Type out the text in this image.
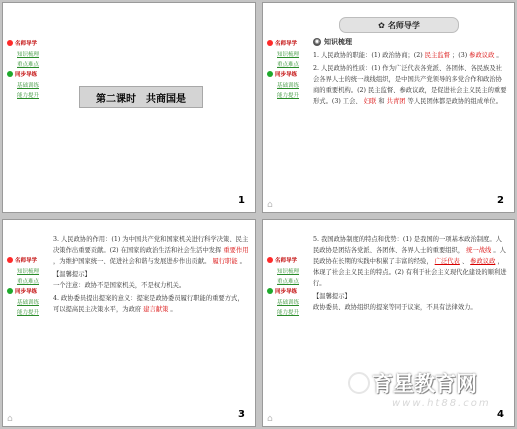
名师导学
知识梳理
重点难点
同步导练
基础训练
能力提升	第二课时　共商国是
1
✿ 名师导学
名师导学
知识梳理
重点难点
同步导练
基础训练
能力提升
◉ 知识梳理

1. 人民政协的职能：(1) 政治协商；(2) 民主监督 ；(3) 参政议政 。

2. 人民政协的性质：(1) 作为广泛代表各党派、各团体、各民族及社会各界人士的统一战线组织，是中国共产党领导的多党合作和政治协商的重要机构。(2) 民主监督、参政议政，是促进社会主义民主的重要形式。(3) 工会、 妇联 和 共青团 等人民团体都是政协的组成单位。

2
⌂
名师导学
知识梳理
重点难点
同步导练
基础训练
能力提升

3. 人民政协的作用：(1) 为中国共产党和国家机关进行科学决策、民主决策作出重要贡献。(2) 在国家的政治生活和社会生活中发挥 重要作用 ，为维护国家统一、促进社会和谐与发展进步作出贡献。 履行职能 。

【温馨提示】

一个注意：政协不是国家机关，不是权力机关。

4. 政协委员提出提案的意义：提案是政协委员履行职能的重要方式，可以提高民主决策水平，为政府 建言献策 。

3
⌂
名师导学
知识梳理
重点难点
同步导练
基础训练
能力提升

5. 我国政协制度的特点和优势：(1) 是我国的一项基本政治制度。人民政协是团结各党派、各团体、各界人士的重要组织， 统一战线 。人民政协在长期的实践中积累了丰富的经验， 广泛代表 、 参政议政 ，体现了社会主义民主的特点。(2) 有利于社会主义现代化建设的顺利进行。

【温馨提示】

政协委员、政协组织的提案等同于议案，不具有法律效力。

4
⌂
育星教育网
www.ht88.com
